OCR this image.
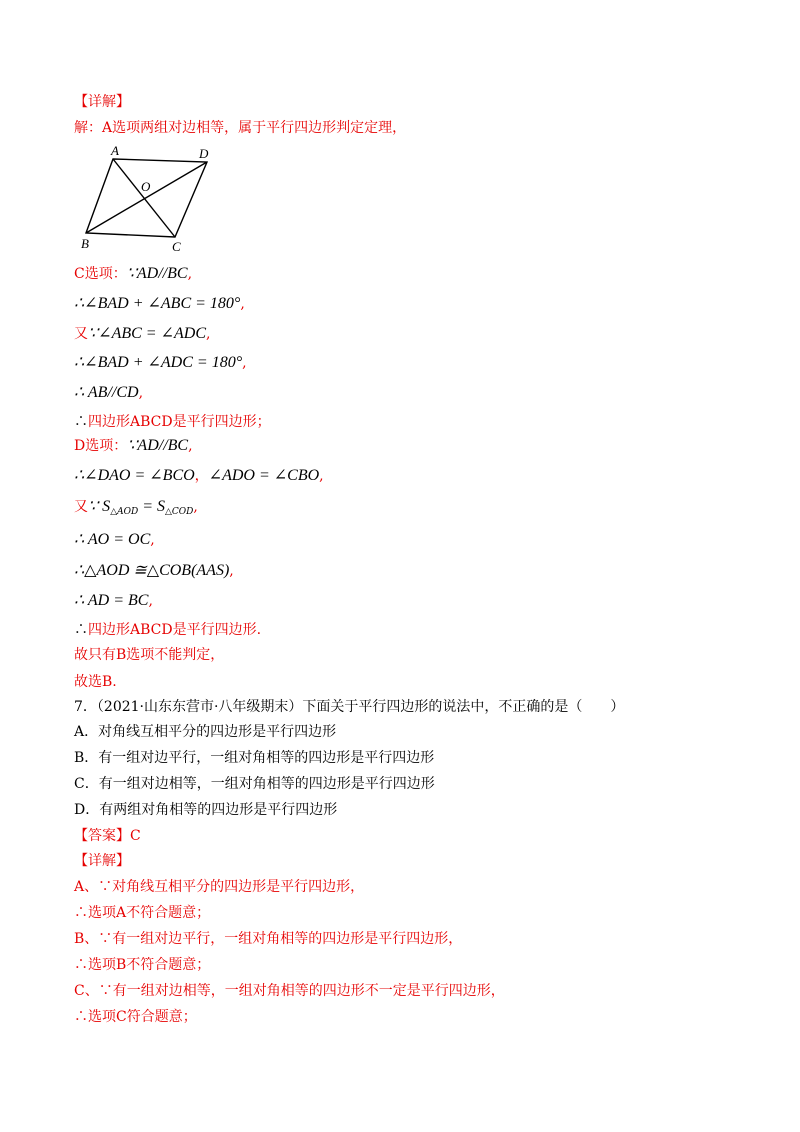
【详解】
解：A选项两组对边相等，属于平行四边形判定定理，
A	D
O
B	C
C选项：∵AD//BC,
∴∠BAD + ∠ABC = 180°,
又∵∠ABC = ∠ADC,
∴∠BAD + ∠ADC = 180°,
∴ AB//CD,
∴四边形ABCD是平行四边形；
D选项：∵AD//BC,
∴∠DAO = ∠BCO，∠ADO = ∠CBO,
又∵ $S_{\triangle AOD} = S_{\triangle COD}$,
∴ AO = OC,
∴△AOD ≅△COB(AAS),
∴ AD = BC,
∴四边形ABCD是平行四边形.
故只有B选项不能判定，
故选B.
7．（2021·山东东营市·八年级期末）下面关于平行四边形的说法中，不正确的是（　　）
A．对角线互相平分的四边形是平行四边形
B．有一组对边平行，一组对角相等的四边形是平行四边形
C．有一组对边相等，一组对角相等的四边形是平行四边形
D．有两组对角相等的四边形是平行四边形
【答案】C
【详解】
A、∵对角线互相平分的四边形是平行四边形，
∴选项A不符合题意；
B、∵有一组对边平行，一组对角相等的四边形是平行四边形，
∴选项B不符合题意；
C、∵有一组对边相等，一组对角相等的四边形不一定是平行四边形，
∴选项C符合题意；
